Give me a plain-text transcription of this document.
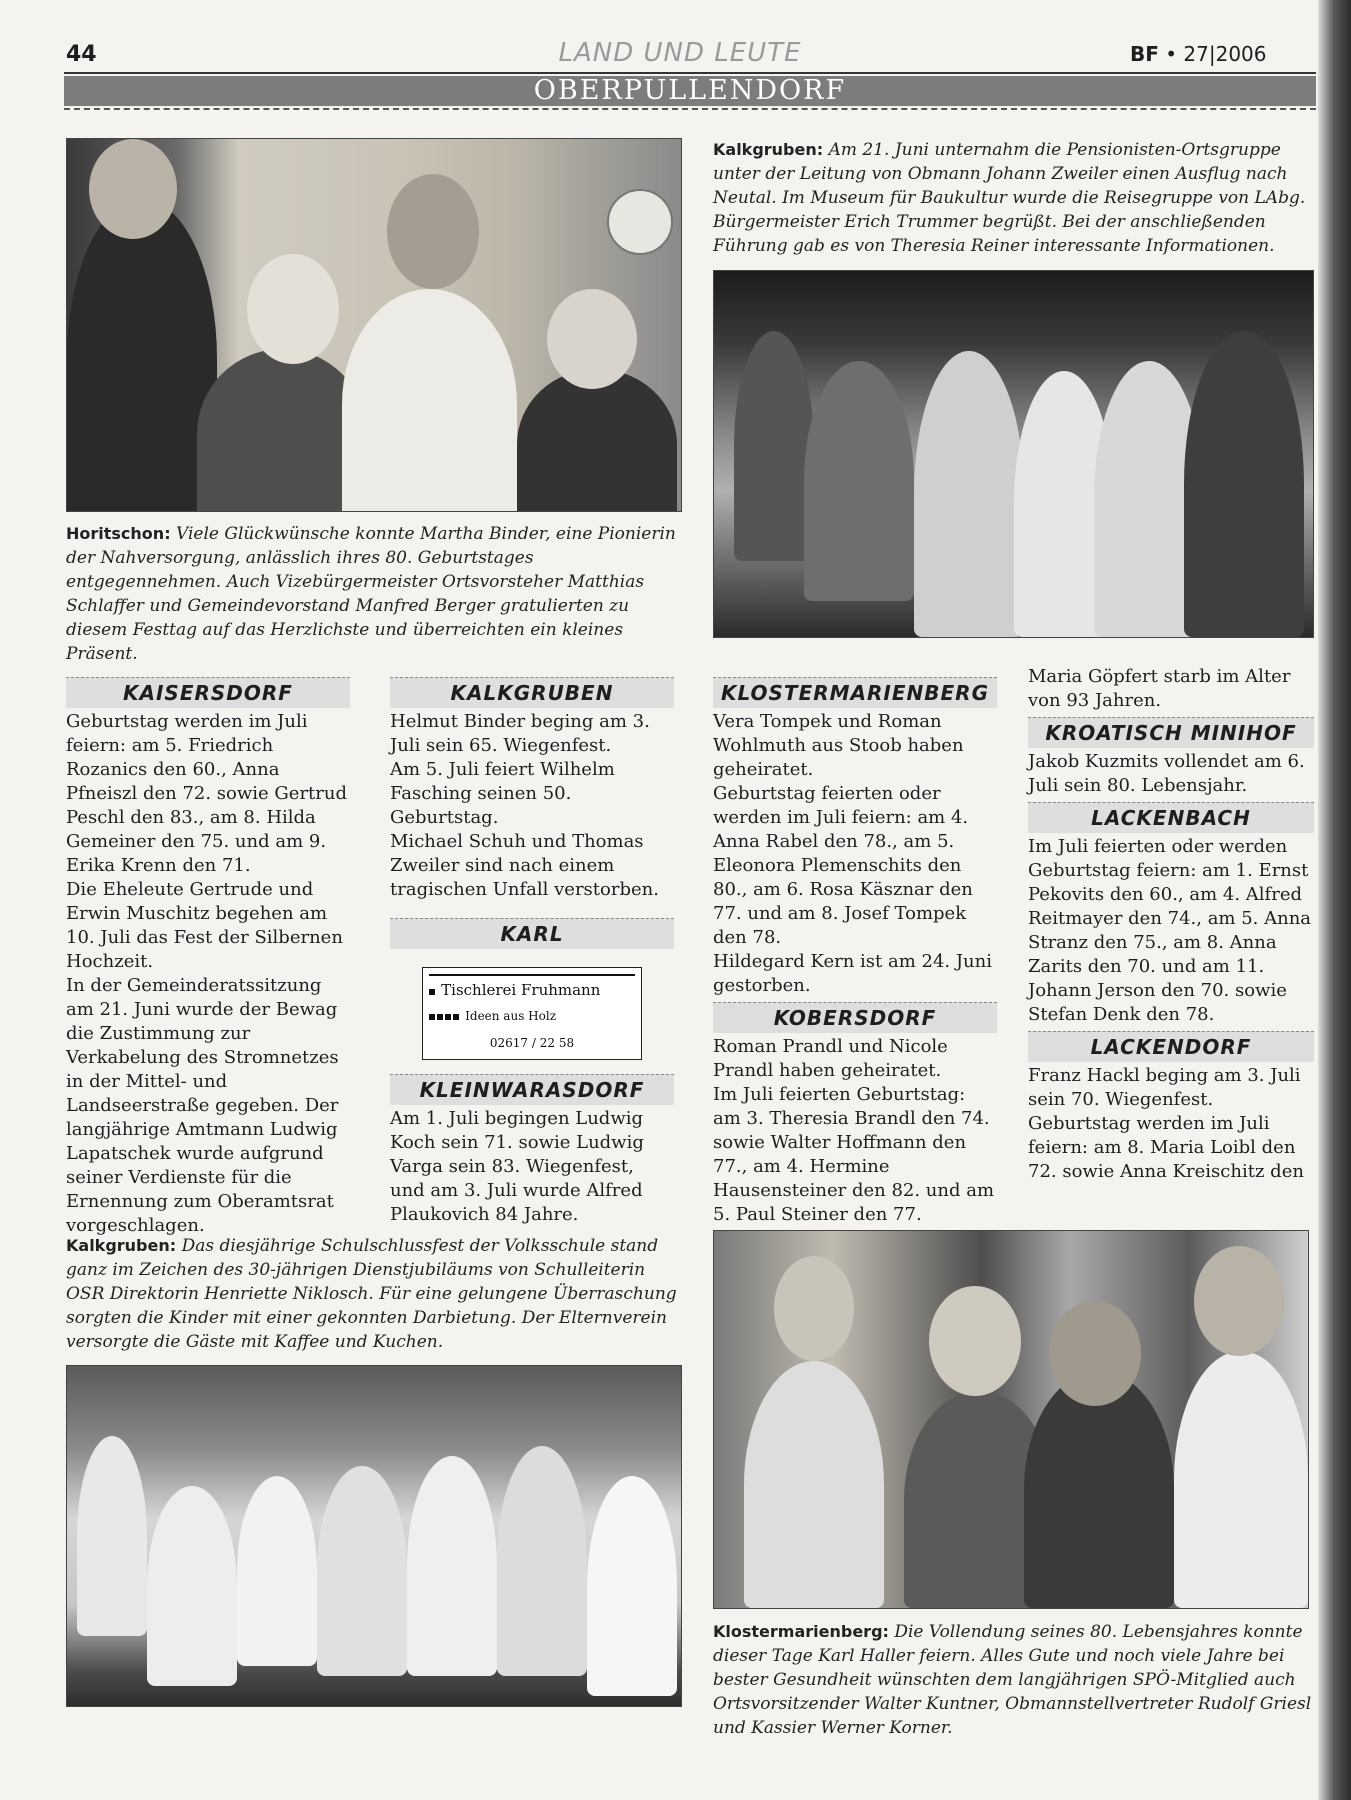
44	LAND UND LEUTE	BF • 27|2006
OBERPULLENDORF
Kalkgruben: Am 21. Juni unternahm die Pensionisten-Ortsgruppe unter der Leitung von Obmann Johann Zweiler einen Ausflug nach Neutal. Im Museum für Baukultur wurde die Reisegruppe von LAbg. Bürgermeister Erich Trummer begrüßt. Bei der anschließenden Führung gab es von Theresia Reiner interessante Informationen.
Horitschon: Viele Glückwünsche konnte Martha Binder, eine Pionierin der Nahversorgung, anlässlich ihres 80. Geburtstages entgegennehmen. Auch Vizebürgermeister Ortsvorsteher Matthias Schlaffer und Gemeindevorstand Manfred Berger gratulierten zu diesem Festtag auf das Herzlichste und überreichten ein kleines Präsent.
KAISERSDORF

Geburtstag werden im Juli feiern: am 5. Friedrich Rozanics den 60., Anna Pfneiszl den 72. sowie Gertrud Peschl den 83., am 8. Hilda Gemeiner den 75. und am 9. Erika Krenn den 71.

Die Eheleute Gertrude und Erwin Muschitz begehen am 10. Juli das Fest der Silbernen Hochzeit.

In der Gemeinderatssitzung am 21. Juni wurde der Bewag die Zustimmung zur Verkabelung des Stromnetzes in der Mittel- und Landseerstraße gegeben. Der langjährige Amtmann Ludwig Lapatschek wurde aufgrund seiner Verdienste für die Ernennung zum Oberamtsrat vorgeschlagen.

KALKGRUBEN

Helmut Binder beging am 3. Juli sein 65. Wiegenfest.

Am 5. Juli feiert Wilhelm Fasching seinen 50. Geburtstag.

Michael Schuh und Thomas Zweiler sind nach einem tragischen Unfall verstorben.

KARL
Tischlerei Fruhmann
Ideen aus Holz
02617 / 22 58
KLEINWARASDORF

Am 1. Juli begingen Ludwig Koch sein 71. sowie Ludwig Varga sein 83. Wiegenfest, und am 3. Juli wurde Alfred Plaukovich 84 Jahre.

KLOSTERMARIENBERG

Vera Tompek und Roman Wohlmuth aus Stoob haben geheiratet.

Geburtstag feierten oder werden im Juli feiern: am 4. Anna Rabel den 78., am 5. Eleonora Plemenschits den 80., am 6. Rosa Käsznar den 77. und am 8. Josef Tompek den 78.

Hildegard Kern ist am 24. Juni gestorben.

KOBERSDORF

Roman Prandl und Nicole Prandl haben geheiratet.

Im Juli feierten Geburtstag: am 3. Theresia Brandl den 74. sowie Walter Hoffmann den 77., am 4. Hermine Hausensteiner den 82. und am 5. Paul Steiner den 77.

Maria Göpfert starb im Alter von 93 Jahren.

KROATISCH MINIHOF

Jakob Kuzmits vollendet am 6. Juli sein 80. Lebensjahr.

LACKENBACH

Im Juli feierten oder werden Geburtstag feiern: am 1. Ernst Pekovits den 60., am 4. Alfred Reitmayer den 74., am 5. Anna Stranz den 75., am 8. Anna Zarits den 70. und am 11. Johann Jerson den 70. sowie Stefan Denk den 78.

LACKENDORF

Franz Hackl beging am 3. Juli sein 70. Wiegenfest.

Geburtstag werden im Juli feiern: am 8. Maria Loibl den 72. sowie Anna Kreischitz den

Kalkgruben: Das diesjährige Schulschlussfest der Volksschule stand ganz im Zeichen des 30-jährigen Dienstjubiläums von Schulleiterin OSR Direktorin Henriette Niklosch. Für eine gelungene Überraschung sorgten die Kinder mit einer gekonnten Darbietung. Der Elternverein versorgte die Gäste mit Kaffee und Kuchen.
Klostermarienberg: Die Vollendung seines 80. Lebensjahres konnte dieser Tage Karl Haller feiern. Alles Gute und noch viele Jahre bei bester Gesundheit wünschten dem langjährigen SPÖ-Mitglied auch Ortsvorsitzender Walter Kuntner, Obmannstellvertreter Rudolf Griesl und Kassier Werner Korner.
